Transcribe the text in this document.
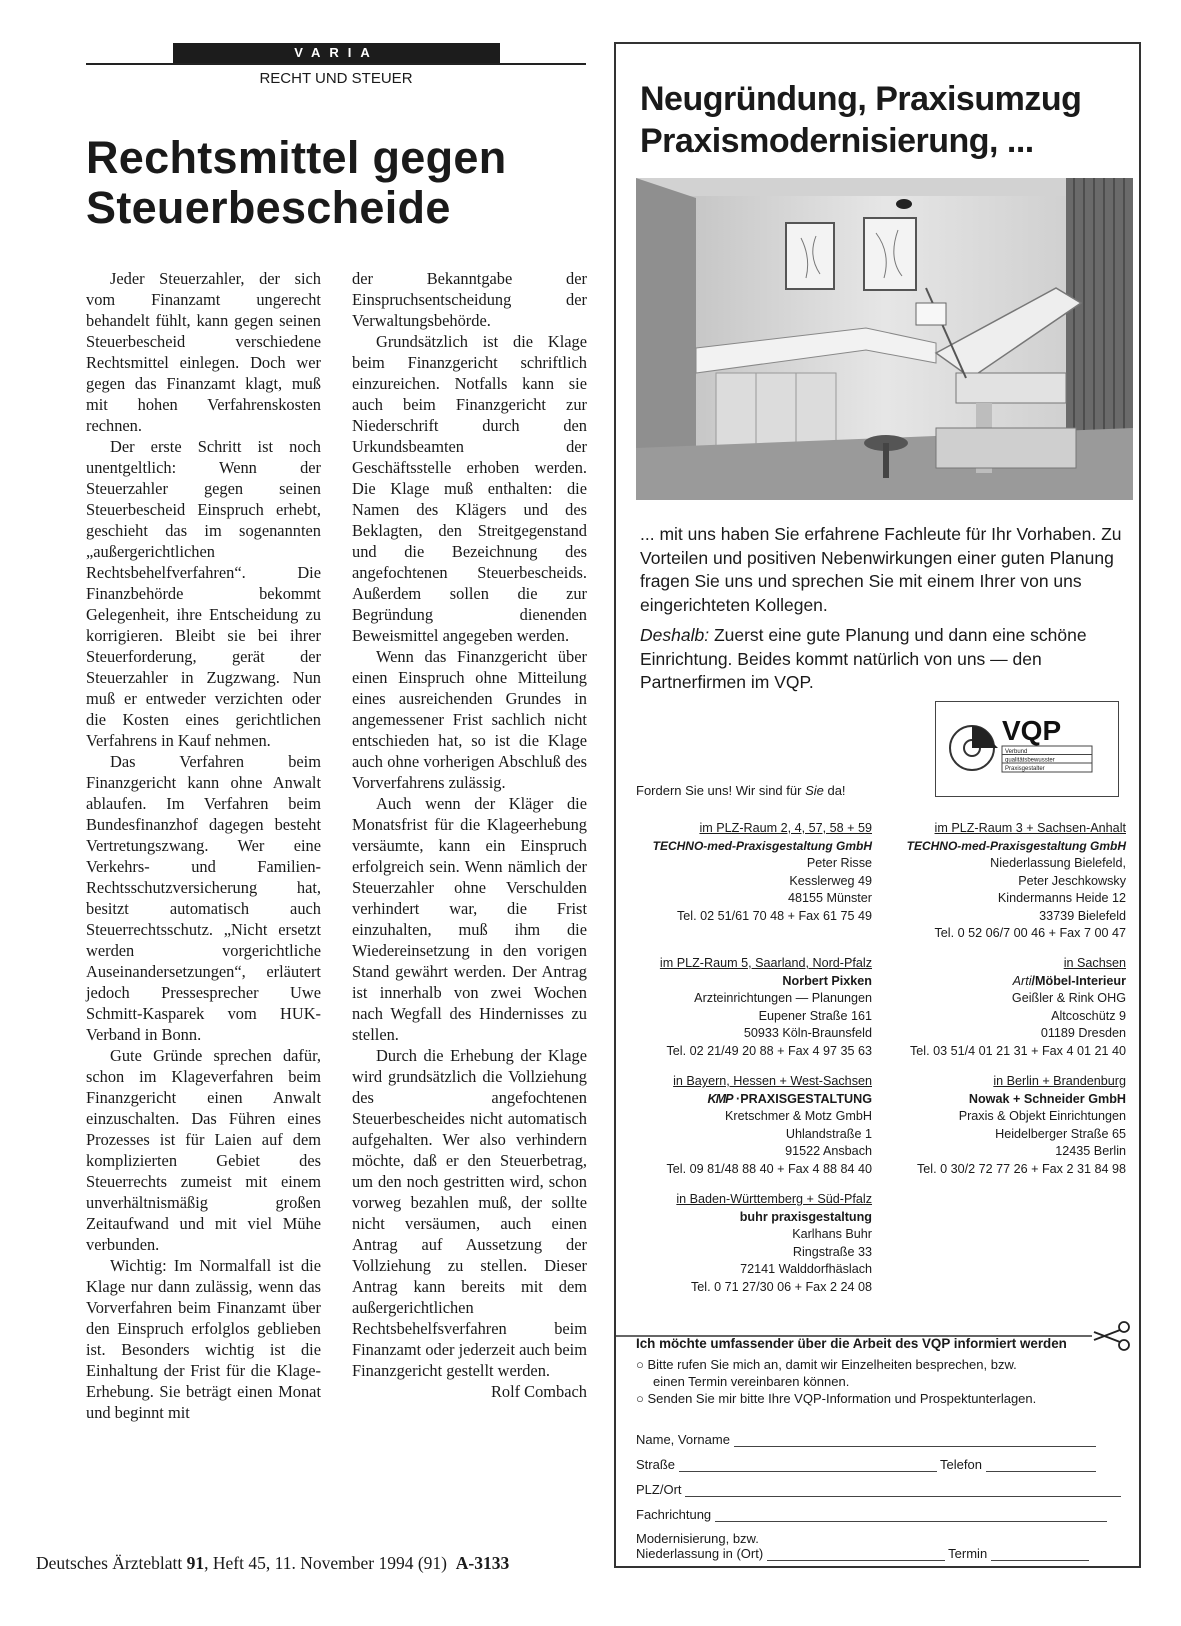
VARIA
RECHT UND STEUER
Rechtsmittel gegen
Steuerbescheide

Jeder Steuerzahler, der sich vom Finanzamt ungerecht behandelt fühlt, kann gegen seinen Steuerbescheid verschiedene Rechtsmittel einlegen. Doch wer gegen das Finanzamt klagt, muß mit hohen Verfahrenskosten rechnen.

Der erste Schritt ist noch unentgeltlich: Wenn der Steuerzahler gegen seinen Steuerbescheid Einspruch erhebt, geschieht das im sogenannten „außergerichtlichen Rechtsbehelfverfahren“. Die Finanzbehörde bekommt Gelegenheit, ihre Entscheidung zu korrigieren. Bleibt sie bei ihrer Steuerforderung, gerät der Steuerzahler in Zugzwang. Nun muß er entweder verzichten oder die Kosten eines gerichtlichen Verfahrens in Kauf nehmen.

Das Verfahren beim Finanzgericht kann ohne Anwalt ablaufen. Im Verfahren beim Bundesfinanzhof dagegen besteht Vertretungszwang. Wer eine Verkehrs- und Familien-Rechtsschutzversicherung hat, besitzt automatisch auch Steuerrechtsschutz. „Nicht ersetzt werden vorgerichtliche Auseinandersetzungen“, erläutert jedoch Pressesprecher Uwe Schmitt-Kasparek vom HUK-Verband in Bonn.

Gute Gründe sprechen dafür, schon im Klageverfahren beim Finanzgericht einen Anwalt einzuschalten. Das Führen eines Prozesses ist für Laien auf dem komplizierten Gebiet des Steuerrechts zumeist mit einem unverhältnismäßig großen Zeitaufwand und mit viel Mühe verbunden.

Wichtig: Im Normalfall ist die Klage nur dann zulässig, wenn das Vorverfahren beim Finanzamt über den Einspruch erfolglos geblieben ist. Besonders wichtig ist die Einhaltung der Frist für die Klage-Erhebung. Sie beträgt einen Monat und beginnt mit

der Bekanntgabe der Einspruchsentscheidung der Verwaltungsbehörde.

Grundsätzlich ist die Klage beim Finanzgericht schriftlich einzureichen. Notfalls kann sie auch beim Finanzgericht zur Niederschrift durch den Urkundsbeamten der Geschäftsstelle erhoben werden. Die Klage muß enthalten: die Namen des Klägers und des Beklagten, den Streitgegenstand und die Bezeichnung des angefochtenen Steuerbescheids. Außerdem sollen die zur Begründung dienenden Beweismittel angegeben werden.

Wenn das Finanzgericht über einen Einspruch ohne Mitteilung eines ausreichenden Grundes in angemessener Frist sachlich nicht entschieden hat, so ist die Klage auch ohne vorherigen Abschluß des Vorverfahrens zulässig.

Auch wenn der Kläger die Monatsfrist für die Klageerhebung versäumte, kann ein Einspruch erfolgreich sein. Wenn nämlich der Steuerzahler ohne Verschulden verhindert war, die Frist einzuhalten, muß ihm die Wiedereinsetzung in den vorigen Stand gewährt werden. Der Antrag ist innerhalb von zwei Wochen nach Wegfall des Hindernisses zu stellen.

Durch die Erhebung der Klage wird grundsätzlich die Vollziehung des angefochtenen Steuerbescheides nicht automatisch aufgehalten. Wer also verhindern möchte, daß er den Steuerbetrag, um den noch gestritten wird, schon vorweg bezahlen muß, der sollte nicht versäumen, auch einen Antrag auf Aussetzung der Vollziehung zu stellen. Dieser Antrag kann bereits mit dem außergerichtlichen Rechtsbehelfsverfahren beim Finanzamt oder jederzeit auch beim Finanzgericht gestellt werden.

Rolf Combach

Deutsches Ärzteblatt 91, Heft 45, 11. November 1994 (91) A-3133
Neugründung, Praxisumzug
Praxismodernisierung, ...

... mit uns haben Sie erfahrene Fachleute für Ihr Vorhaben. Zu Vorteilen und positiven Nebenwirkungen einer guten Planung fragen Sie uns und sprechen Sie mit einem Ihrer von uns eingerichteten Kollegen.

Deshalb: Zuerst eine gute Planung und dann eine schöne Einrichtung. Beides kommt natürlich von uns — den Partnerfirmen im VQP.

VQP
Verbund
qualitätsbewusster
Praxisgestalter
Fordern Sie uns! Wir sind für Sie da!
im PLZ-Raum 2, 4, 57, 58 + 59
TECHNO-med-Praxisgestaltung GmbH
Peter Risse
Kesslerweg 49
48155 Münster
Tel. 02 51/61 70 48 + Fax 61 75 49
im PLZ-Raum 3 + Sachsen-Anhalt
TECHNO-med-Praxisgestaltung GmbH
Niederlassung Bielefeld,
Peter Jeschkowsky
Kindermanns Heide 12
33739 Bielefeld
Tel. 0 52 06/7 00 46 + Fax 7 00 47
im PLZ-Raum 5, Saarland, Nord-Pfalz
Norbert Pixken
Arzteinrichtungen — Planungen
Eupener Straße 161
50933 Köln-Braunsfeld
Tel. 02 21/49 20 88 + Fax 4 97 35 63
in Sachsen
Arti/Möbel-Interieur
Geißler & Rink OHG
Altcoschütz 9
01189 Dresden
Tel. 03 51/4 01 21 31 + Fax 4 01 21 40
in Bayern, Hessen + West-Sachsen
KMP ·PRAXISGESTALTUNG
Kretschmer & Motz GmbH
Uhlandstraße 1
91522 Ansbach
Tel. 09 81/48 88 40 + Fax 4 88 84 40
in Berlin + Brandenburg
Nowak + Schneider GmbH
Praxis & Objekt Einrichtungen
Heidelberger Straße 65
12435 Berlin
Tel. 0 30/2 72 77 26 + Fax 2 31 84 98
in Baden-Württemberg + Süd-Pfalz
buhr praxisgestaltung
Karlhans Buhr
Ringstraße 33
72141 Walddorfhäslach
Tel. 0 71 27/30 06 + Fax 2 24 08
Ich möchte umfassender über die Arbeit des VQP informiert werden
○ Bitte rufen Sie mich an, damit wir Einzelheiten besprechen, bzw.
einen Termin vereinbaren können.
○ Senden Sie mir bitte Ihre VQP-Information und Prospektunterlagen.
Name, Vorname
Straße	Telefon
PLZ/Ort
Fachrichtung
Modernisierung, bzw.
Niederlassung in (Ort)	Termin
